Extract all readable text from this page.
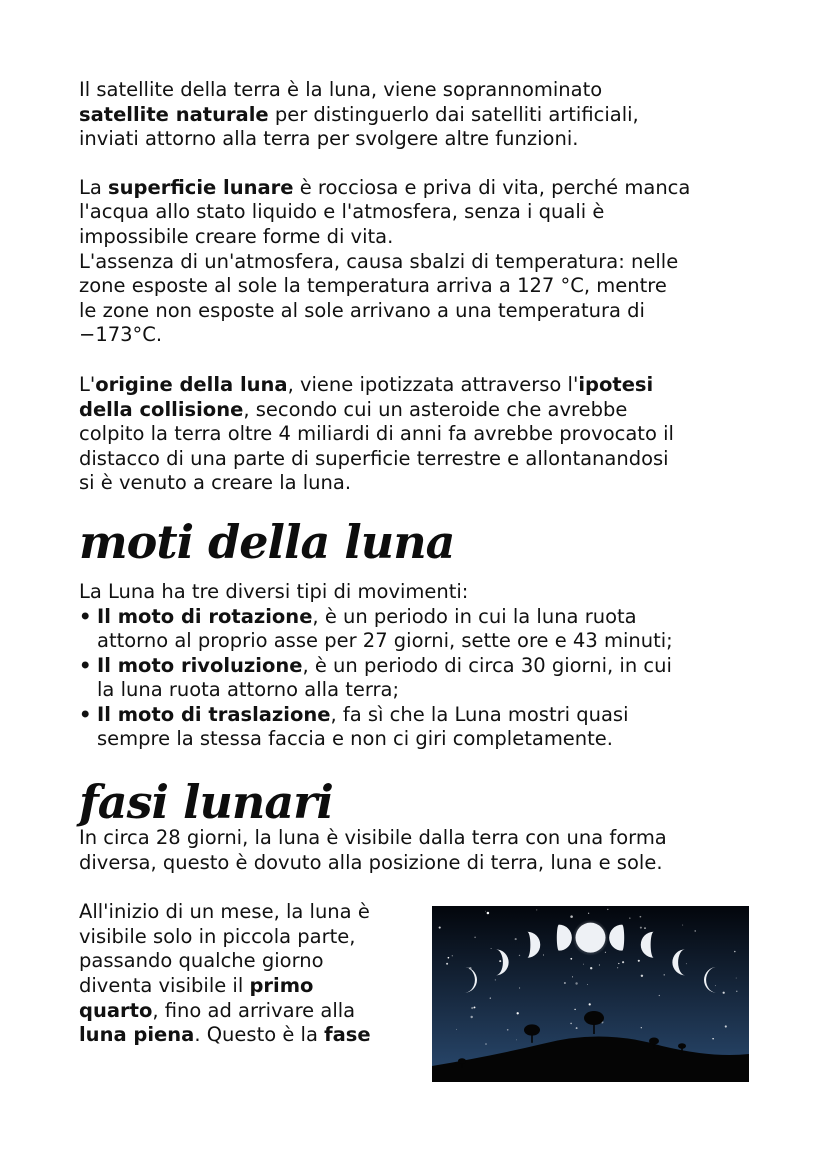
Il satellite della terra è la luna, viene soprannominato
satellite naturale per distinguerlo dai satelliti artificiali,
inviati attorno alla terra per svolgere altre funzioni.

La superficie lunare è rocciosa e priva di vita, perché manca
l'acqua allo stato liquido e l'atmosfera, senza i quali è
impossibile creare forme di vita.
L'assenza di un'atmosfera, causa sbalzi di temperatura: nelle
zone esposte al sole la temperatura arriva a 127 °C, mentre
le zone non esposte al sole arrivano a una temperatura di
−173°C.

L'origine della luna, viene ipotizzata attraverso l'ipotesi
della collisione, secondo cui un asteroide che avrebbe
colpito la terra oltre 4 miliardi di anni fa avrebbe provocato il
distacco di una parte di superficie terrestre e allontanandosi
si è venuto a creare la luna.

moti della luna

La Luna ha tre diversi tipi di movimenti:

• Il moto di rotazione, è un periodo in cui la luna ruota
attorno al proprio asse per 27 giorni, sette ore e 43 minuti;
• Il moto rivoluzione, è un periodo di circa 30 giorni, in cui
la luna ruota attorno alla terra;
• Il moto di traslazione, fa sì che la Luna mostri quasi
sempre la stessa faccia e non ci giri completamente.
fasi lunari

In circa 28 giorni, la luna è visibile dalla terra con una forma
diversa, questo è dovuto alla posizione di terra, luna e sole.

All'inizio di un mese, la luna è
visibile solo in piccola parte,
passando qualche giorno
diventa visibile il primo
quarto, fino ad arrivare alla
luna piena. Questo è la fase
